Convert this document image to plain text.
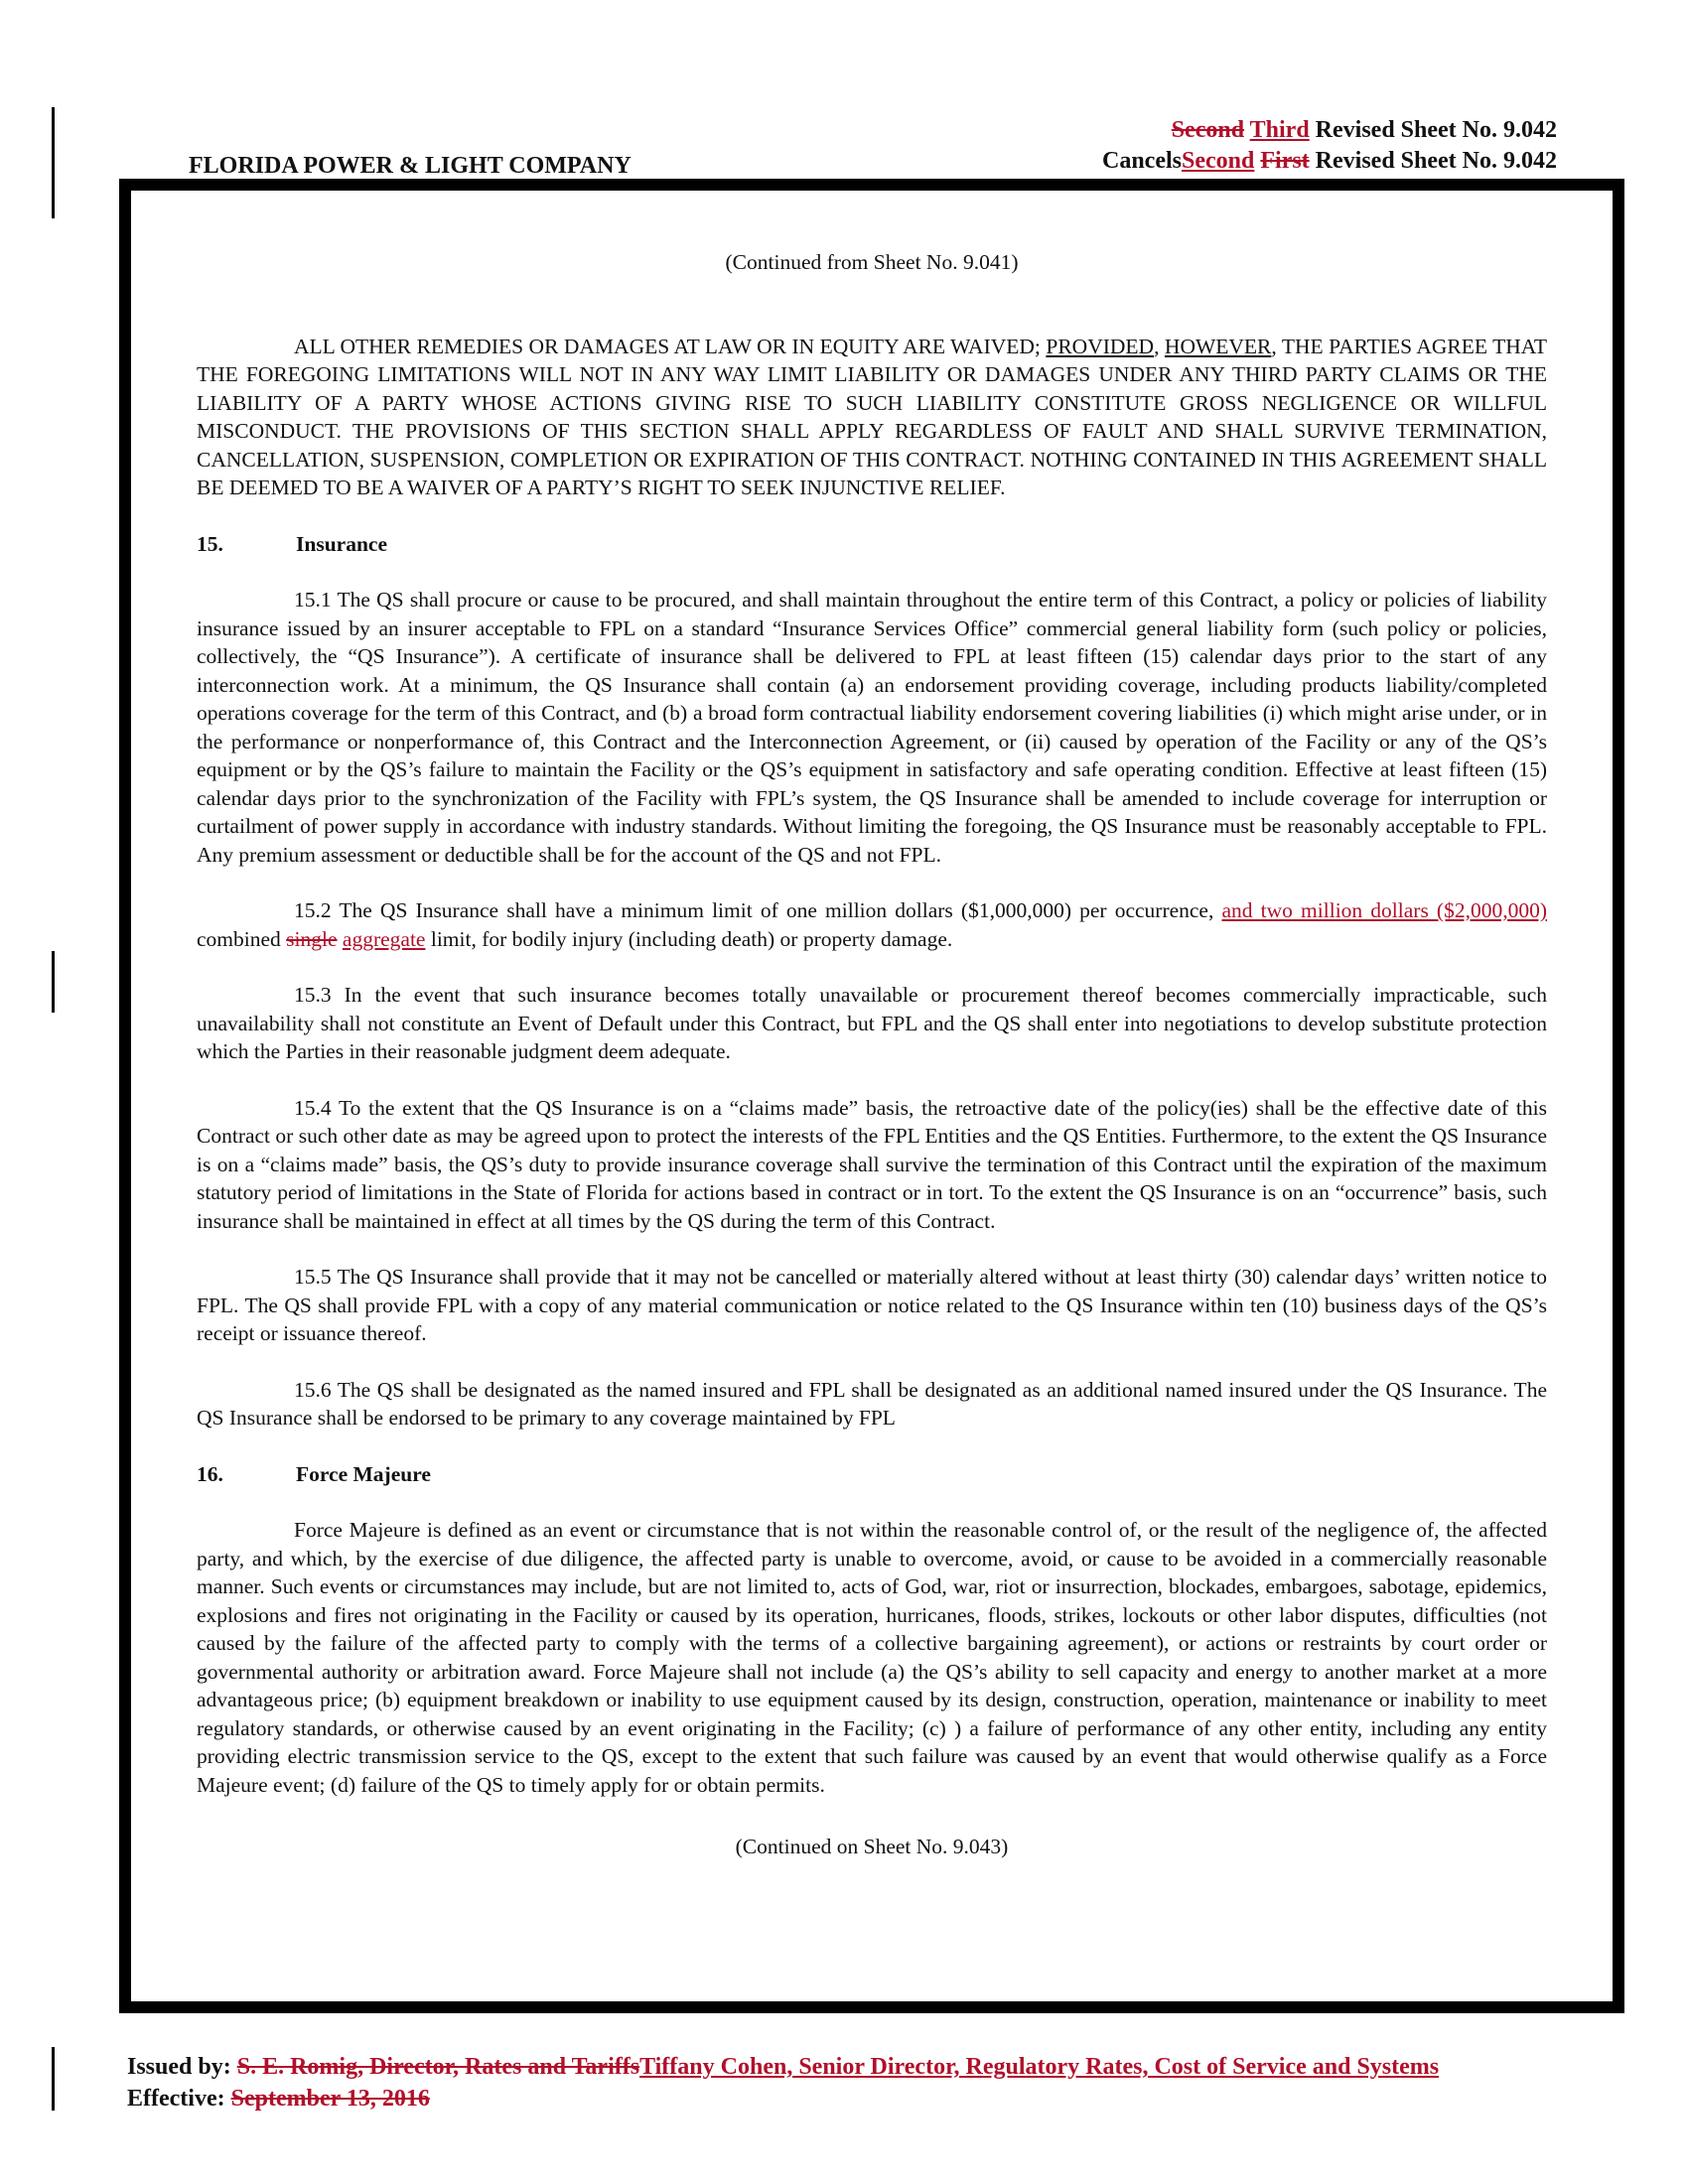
FLORIDA POWER & LIGHT COMPANY
Second Third Revised Sheet No. 9.042
CancelsSecond First Revised Sheet No. 9.042
(Continued from Sheet No. 9.041)

ALL OTHER REMEDIES OR DAMAGES AT LAW OR IN EQUITY ARE WAIVED; PROVIDED, HOWEVER, THE PARTIES AGREE THAT THE FOREGOING LIMITATIONS WILL NOT IN ANY WAY LIMIT LIABILITY OR DAMAGES UNDER ANY THIRD PARTY CLAIMS OR THE LIABILITY OF A PARTY WHOSE ACTIONS GIVING RISE TO SUCH LIABILITY CONSTITUTE GROSS NEGLIGENCE OR WILLFUL MISCONDUCT. THE PROVISIONS OF THIS SECTION SHALL APPLY REGARDLESS OF FAULT AND SHALL SURVIVE TERMINATION, CANCELLATION, SUSPENSION, COMPLETION OR EXPIRATION OF THIS CONTRACT. NOTHING CONTAINED IN THIS AGREEMENT SHALL BE DEEMED TO BE A WAIVER OF A PARTY’S RIGHT TO SEEK INJUNCTIVE RELIEF.

15.	Insurance

15.1 The QS shall procure or cause to be procured, and shall maintain throughout the entire term of this Contract, a policy or policies of liability insurance issued by an insurer acceptable to FPL on a standard “Insurance Services Office” commercial general liability form (such policy or policies, collectively, the “QS Insurance”). A certificate of insurance shall be delivered to FPL at least fifteen (15) calendar days prior to the start of any interconnection work. At a minimum, the QS Insurance shall contain (a) an endorsement providing coverage, including products liability/completed operations coverage for the term of this Contract, and (b) a broad form contractual liability endorsement covering liabilities (i) which might arise under, or in the performance or nonperformance of, this Contract and the Interconnection Agreement, or (ii) caused by operation of the Facility or any of the QS’s equipment or by the QS’s failure to maintain the Facility or the QS’s equipment in satisfactory and safe operating condition. Effective at least fifteen (15) calendar days prior to the synchronization of the Facility with FPL’s system, the QS Insurance shall be amended to include coverage for interruption or curtailment of power supply in accordance with industry standards. Without limiting the foregoing, the QS Insurance must be reasonably acceptable to FPL. Any premium assessment or deductible shall be for the account of the QS and not FPL.

15.2 The QS Insurance shall have a minimum limit of one million dollars ($1,000,000) per occurrence, and two million dollars ($2,000,000) combined single aggregate limit, for bodily injury (including death) or property damage.

15.3 In the event that such insurance becomes totally unavailable or procurement thereof becomes commercially impracticable, such unavailability shall not constitute an Event of Default under this Contract, but FPL and the QS shall enter into negotiations to develop substitute protection which the Parties in their reasonable judgment deem adequate.

15.4 To the extent that the QS Insurance is on a “claims made” basis, the retroactive date of the policy(ies) shall be the effective date of this Contract or such other date as may be agreed upon to protect the interests of the FPL Entities and the QS Entities. Furthermore, to the extent the QS Insurance is on a “claims made” basis, the QS’s duty to provide insurance coverage shall survive the termination of this Contract until the expiration of the maximum statutory period of limitations in the State of Florida for actions based in contract or in tort. To the extent the QS Insurance is on an “occurrence” basis, such insurance shall be maintained in effect at all times by the QS during the term of this Contract.

15.5 The QS Insurance shall provide that it may not be cancelled or materially altered without at least thirty (30) calendar days’ written notice to FPL. The QS shall provide FPL with a copy of any material communication or notice related to the QS Insurance within ten (10) business days of the QS’s receipt or issuance thereof.

15.6 The QS shall be designated as the named insured and FPL shall be designated as an additional named insured under the QS Insurance. The QS Insurance shall be endorsed to be primary to any coverage maintained by FPL

16.	Force Majeure

Force Majeure is defined as an event or circumstance that is not within the reasonable control of, or the result of the negligence of, the affected party, and which, by the exercise of due diligence, the affected party is unable to overcome, avoid, or cause to be avoided in a commercially reasonable manner. Such events or circumstances may include, but are not limited to, acts of God, war, riot or insurrection, blockades, embargoes, sabotage, epidemics, explosions and fires not originating in the Facility or caused by its operation, hurricanes, floods, strikes, lockouts or other labor disputes, difficulties (not caused by the failure of the affected party to comply with the terms of a collective bargaining agreement), or actions or restraints by court order or governmental authority or arbitration award. Force Majeure shall not include (a) the QS’s ability to sell capacity and energy to another market at a more advantageous price; (b) equipment breakdown or inability to use equipment caused by its design, construction, operation, maintenance or inability to meet regulatory standards, or otherwise caused by an event originating in the Facility; (c) ) a failure of performance of any other entity, including any entity providing electric transmission service to the QS, except to the extent that such failure was caused by an event that would otherwise qualify as a Force Majeure event; (d) failure of the QS to timely apply for or obtain permits.

(Continued on Sheet No. 9.043)
Issued by: S. E. Romig, Director, Rates and TariffsTiffany Cohen, Senior Director, Regulatory Rates, Cost of Service and Systems
Effective: September 13, 2016
